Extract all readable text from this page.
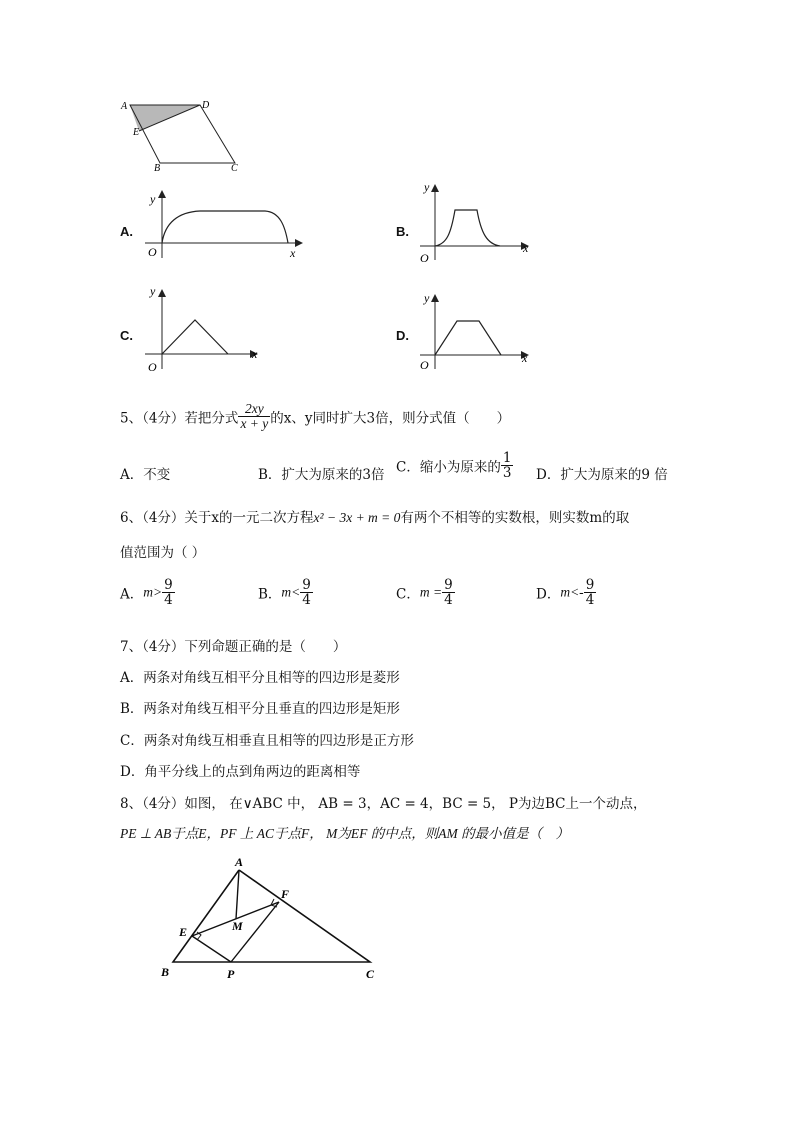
A	D
E
B	C
A.
y
x
O
B.
y
x
O
C.
y
x
O
D.
y
x
O
5、（4分）若把分式 $\frac{2xy}{x + y}$ 的x、y同时扩大3倍，则分式值（　　）
A．不变	B．扩大为原来的3倍 C．缩小为原来的 $\frac{1}{3}$ D．扩大为原来的9 倍
6、（4分）关于x的一元二次方程x² − 3x + m = 0有两个不相等的实数根，则实数m的取
值范围为（ ）
A．$m> \frac{9}{4}$	B．$m< \frac{9}{4}$	C．$m = \frac{9}{4}$	D．$m<- \frac{9}{4}$
7、（4分）下列命题正确的是（　　）
A．两条对角线互相平分且相等的四边形是菱形
B．两条对角线互相平分且垂直的四边形是矩形
C．两条对角线互相垂直且相等的四边形是正方形
D．角平分线上的点到角两边的距离相等
8、（4分）如图， 在∨ABC 中， AB = 3，AC = 4，BC = 5， P为边BC上一个动点，
PE ⊥ AB于点E，PF 上 AC于点F， M为EF 的中点，则AM 的最小值是（　）
A
F
E	M
B	P	C
